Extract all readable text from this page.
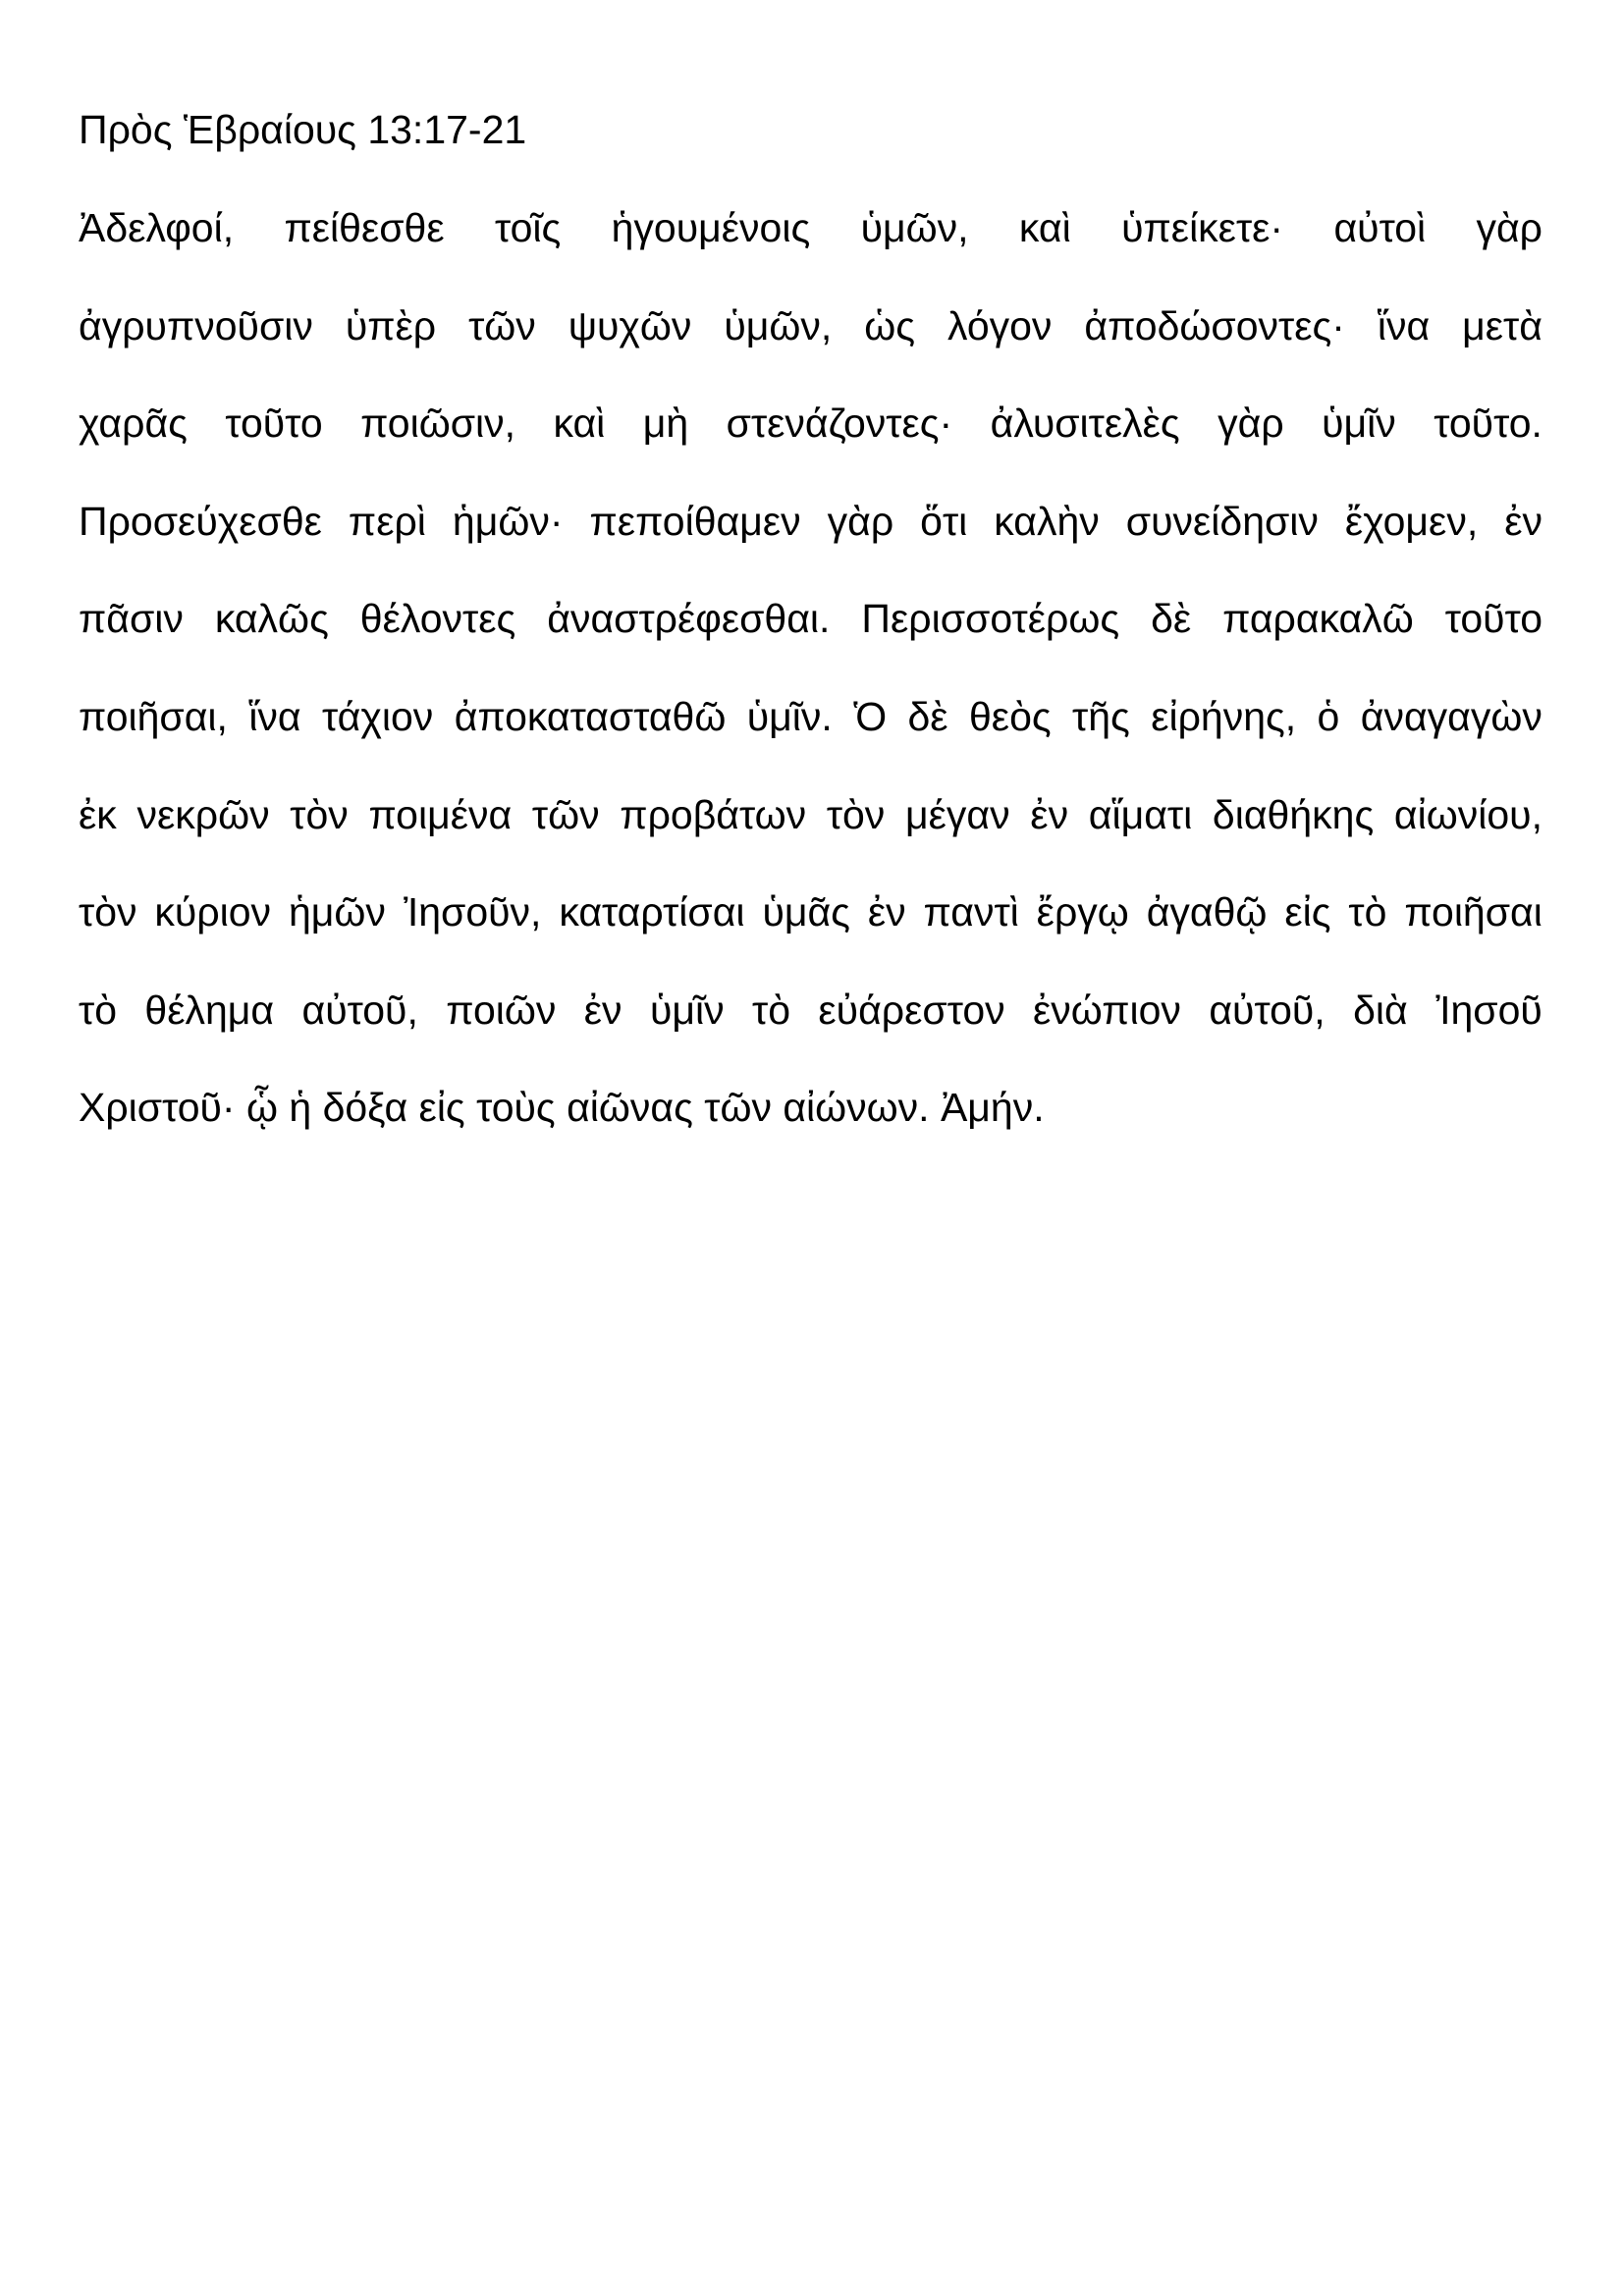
Πρὸς Ἑβραίους 13:17-21
Ἀδελφοί, πείθεσθε τοῖς ἡγουμένοις ὑμῶν, καὶ ὑπείκετε· αὐτοὶ γὰρ
ἀγρυπνοῦσιν ὑπὲρ τῶν ψυχῶν ὑμῶν, ὡς λόγον ἀποδώσοντες· ἵνα μετὰ
χαρᾶς τοῦτο ποιῶσιν, καὶ μὴ στενάζοντες· ἀλυσιτελὲς γὰρ ὑμῖν τοῦτο.
Προσεύχεσθε περὶ ἡμῶν· πεποίθαμεν γὰρ ὅτι καλὴν συνείδησιν ἔχομεν, ἐν
πᾶσιν καλῶς θέλοντες ἀναστρέφεσθαι. Περισσοτέρως δὲ παρακαλῶ τοῦτο
ποιῆσαι, ἵνα τάχιον ἀποκατασταθῶ ὑμῖν. Ὁ δὲ θεὸς τῆς εἰρήνης, ὁ ἀναγαγὼν
ἐκ νεκρῶν τὸν ποιμένα τῶν προβάτων τὸν μέγαν ἐν αἵματι διαθήκης αἰωνίου,
τὸν κύριον ἡμῶν Ἰησοῦν, καταρτίσαι ὑμᾶς ἐν παντὶ ἔργῳ ἀγαθῷ εἰς τὸ ποιῆσαι
τὸ θέλημα αὐτοῦ, ποιῶν ἐν ὑμῖν τὸ εὐάρεστον ἐνώπιον αὐτοῦ, διὰ Ἰησοῦ
Χριστοῦ· ᾧ ἡ δόξα εἰς τοὺς αἰῶνας τῶν αἰώνων. Ἀμήν.
